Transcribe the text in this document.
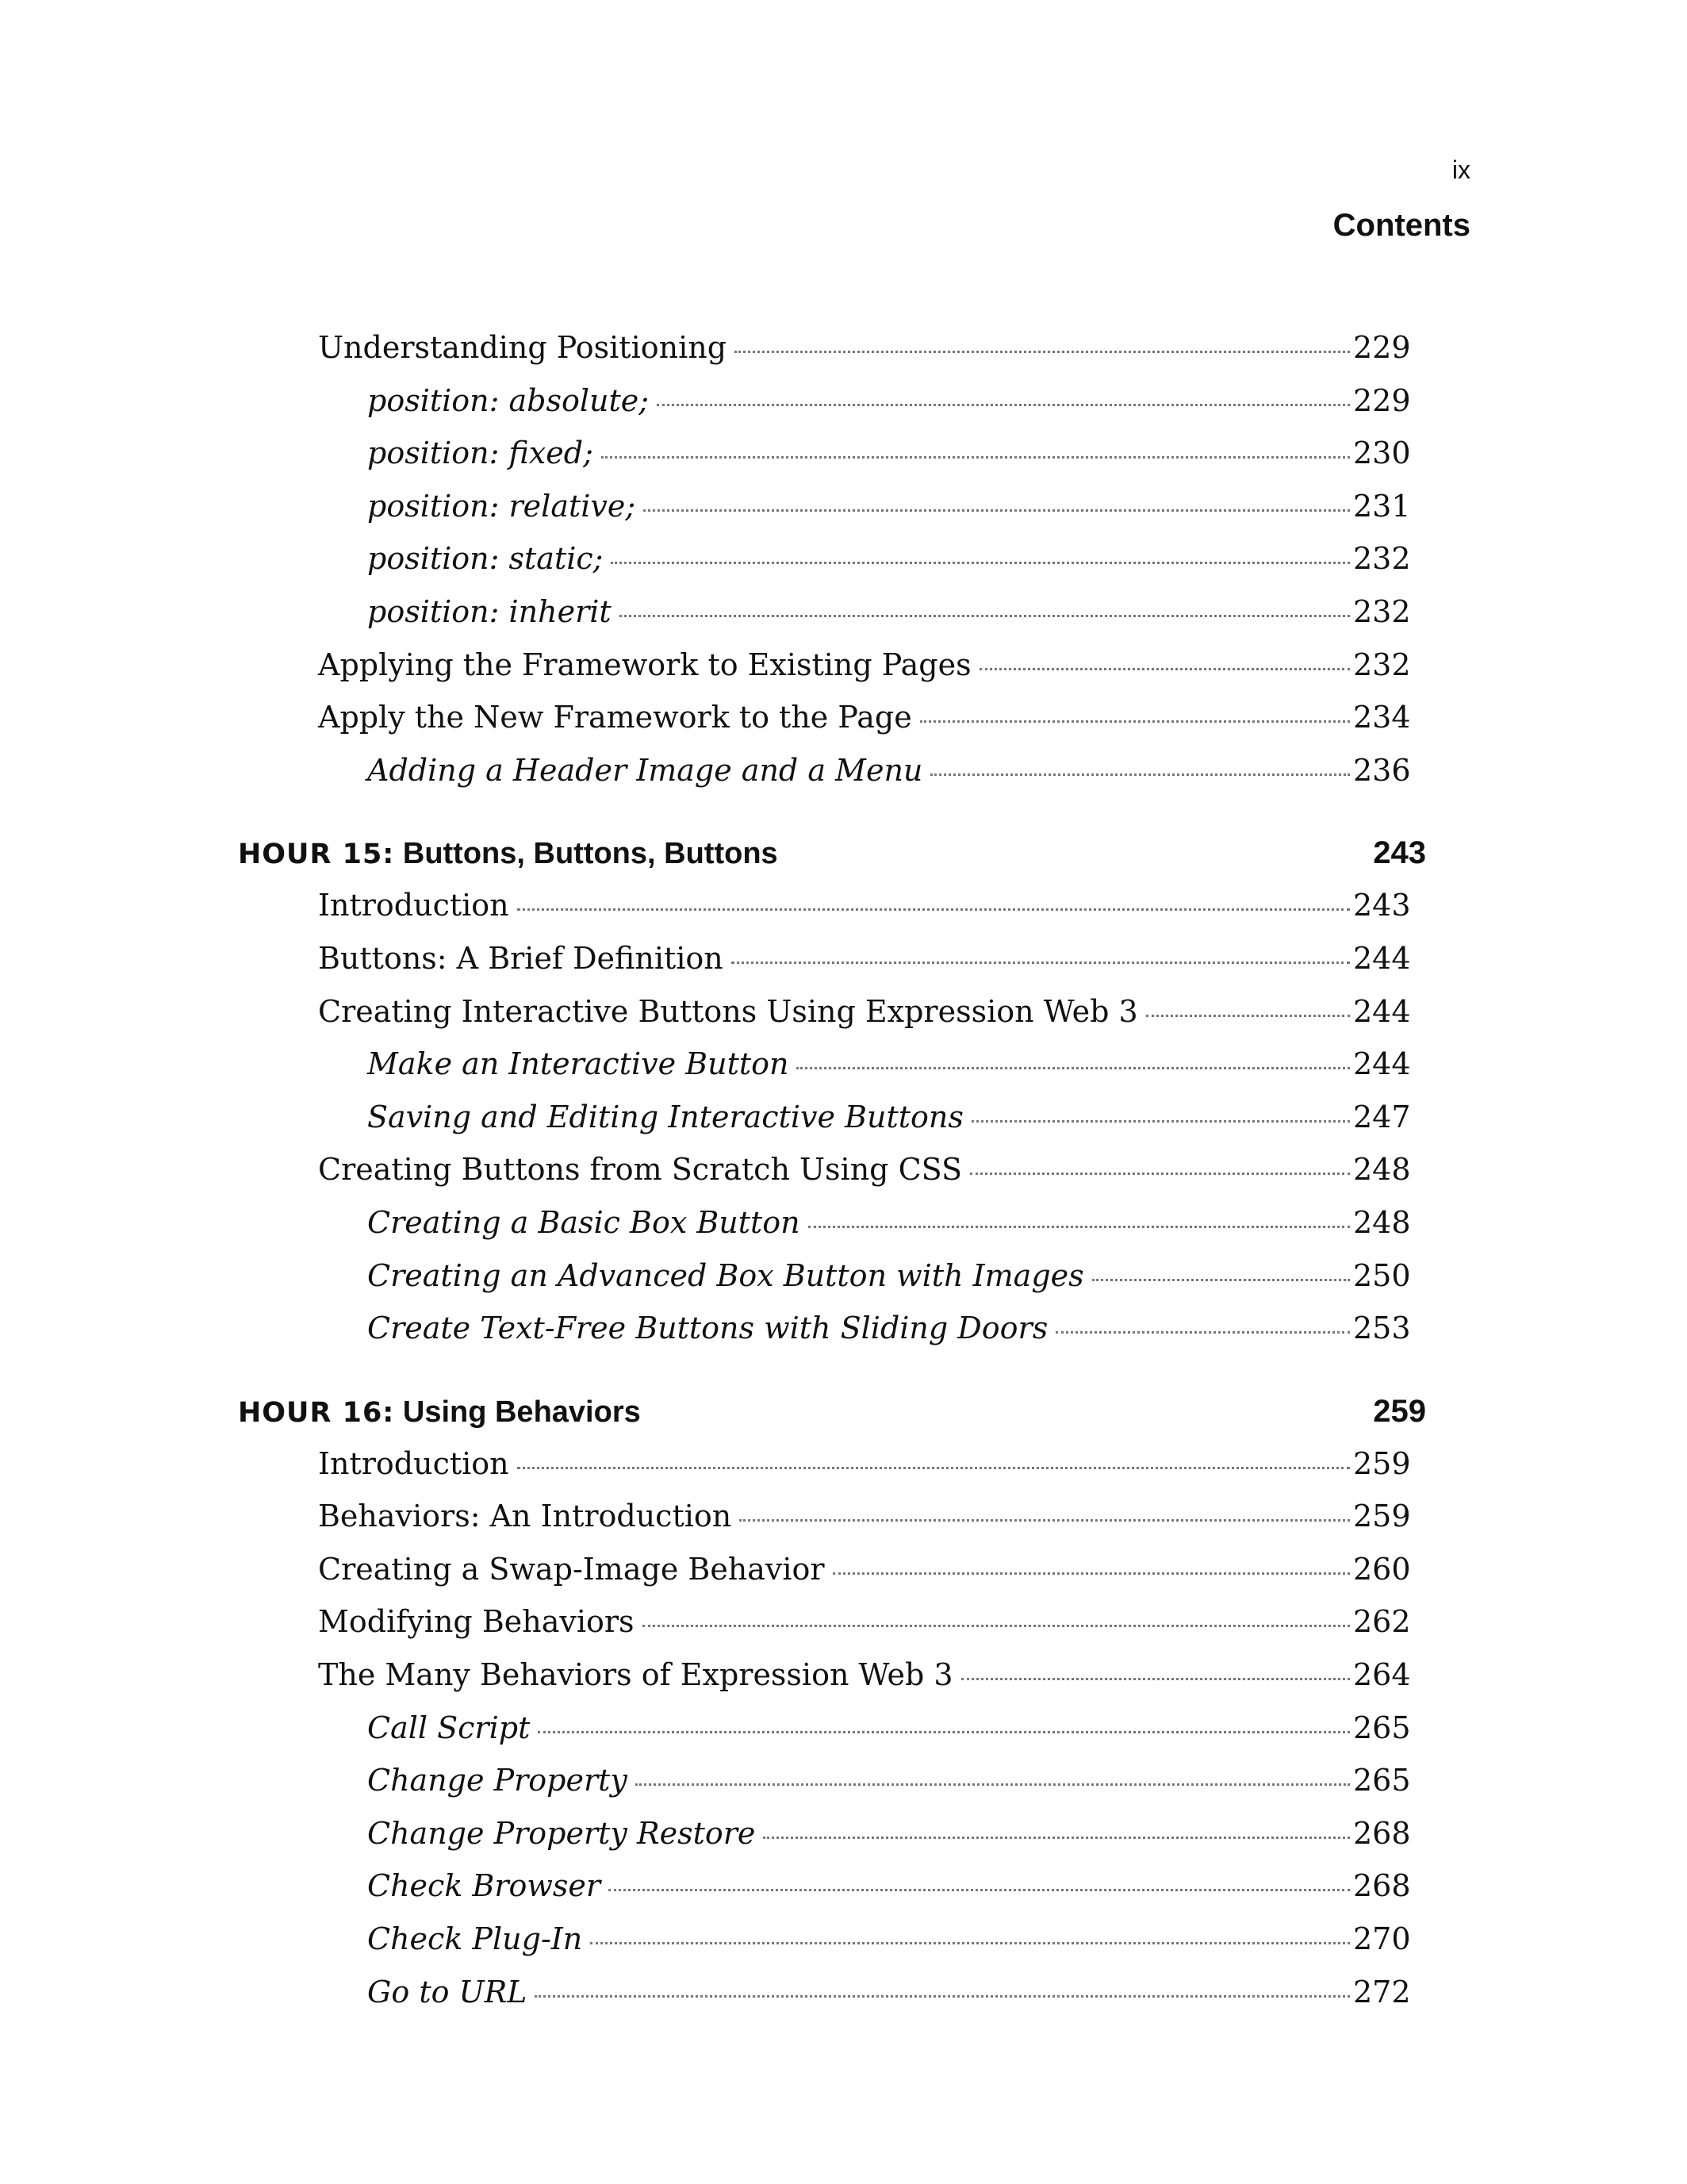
ix
Contents
Understanding Positioning	229
position: absolute;	229
position: fixed;	230
position: relative;	231
position: static;	232
position: inherit	232
Applying the Framework to Existing Pages	232
Apply the New Framework to the Page	234
Adding a Header Image and a Menu	236
HOUR 15: Buttons, Buttons, Buttons	243
Introduction	243
Buttons: A Brief Definition	244
Creating Interactive Buttons Using Expression Web 3	244
Make an Interactive Button	244
Saving and Editing Interactive Buttons	247
Creating Buttons from Scratch Using CSS	248
Creating a Basic Box Button	248
Creating an Advanced Box Button with Images	250
Create Text-Free Buttons with Sliding Doors	253
HOUR 16: Using Behaviors	259
Introduction	259
Behaviors: An Introduction	259
Creating a Swap-Image Behavior	260
Modifying Behaviors	262
The Many Behaviors of Expression Web 3	264
Call Script	265
Change Property	265
Change Property Restore	268
Check Browser	268
Check Plug-In	270
Go to URL	272
